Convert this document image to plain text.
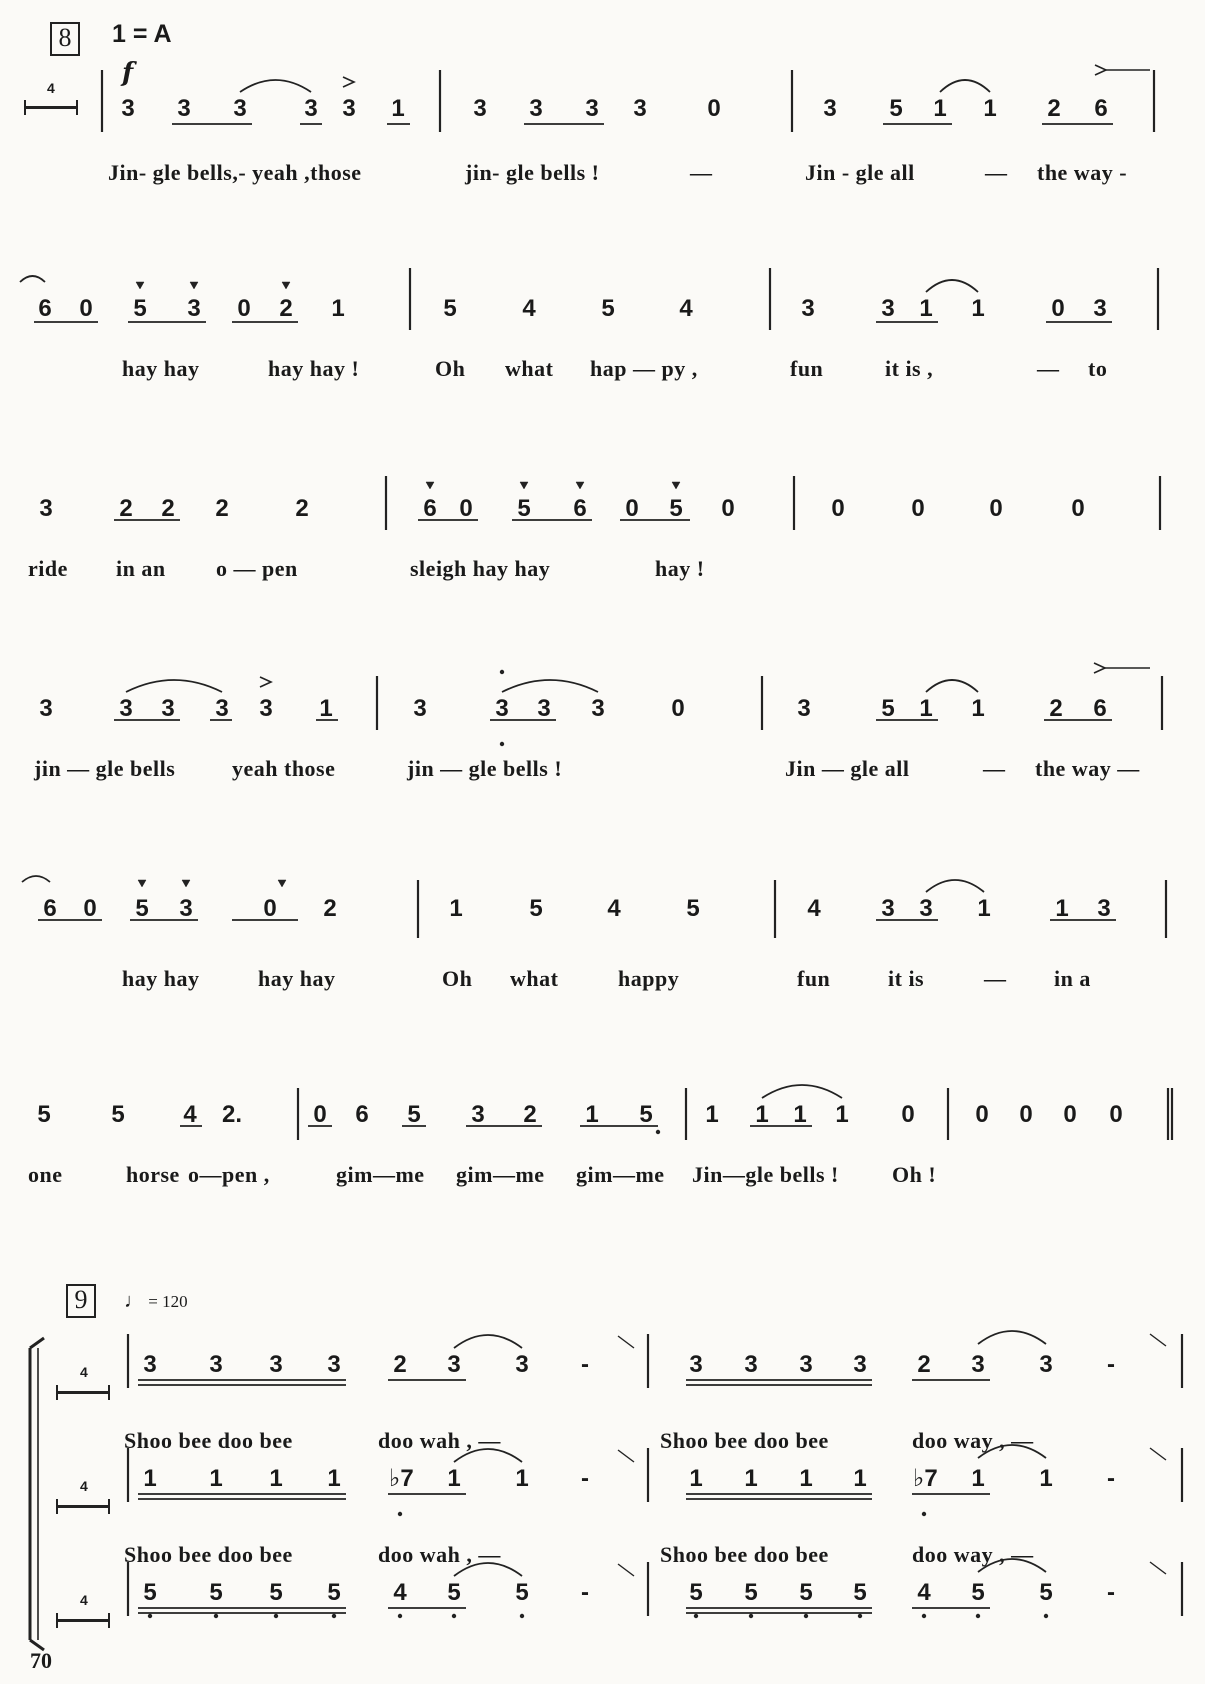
8	1 = A
4	f
9	♩ = 120
70
3 3 3 3 3 1	3 3 3 3	0	3 5 1 1 2 6
6 0 5 3 0 2 1	5	4	5	4	3	3 1 1	0 3
3	2 2 2	2	6 0 5 6 0 5 0	0	0	0	0
3	3 3 3 3 1	3	3 3 3	0	3	5 1 1	2 6
6 0 5 3	0 2	1	5	4	5	4	3 3 1	1 3
5	5 4 2.	0 6 5 3 2 1 5 1 1 1 1 0	0 0 0 0
3 3 3 3 2 3 3 -	3 3 3 3 2 3 3 -
1 1 1 1 ♭7 1 1 -	1 1 1 1 ♭7 1 1 -
5 5 5 5 4 5 5 -	5 5 5 5 4 5 5 -
Jin- gle bells,- yeah ,those	jin- gle bells !	—	Jin - gle all	— the way -
hay hay	hay hay !	Oh what hap — py ,	fun	it is ,	— to
ride in an o — pen	sleigh hay hay	hay !
jin — gle bells	yeah those	jin — gle bells !	Jin — gle all	— the way —
hay hay	hay hay	Oh what	happy	fun	it is	— in a
one	horse o—pen ,	gim—me gim—me gim—me Jin—gle bells ! Oh !
Shoo bee doo bee	doo wah , —	Shoo bee doo bee	doo way , —
Shoo bee doo bee	doo wah , —	Shoo bee doo bee	doo way , —
4
4
4
